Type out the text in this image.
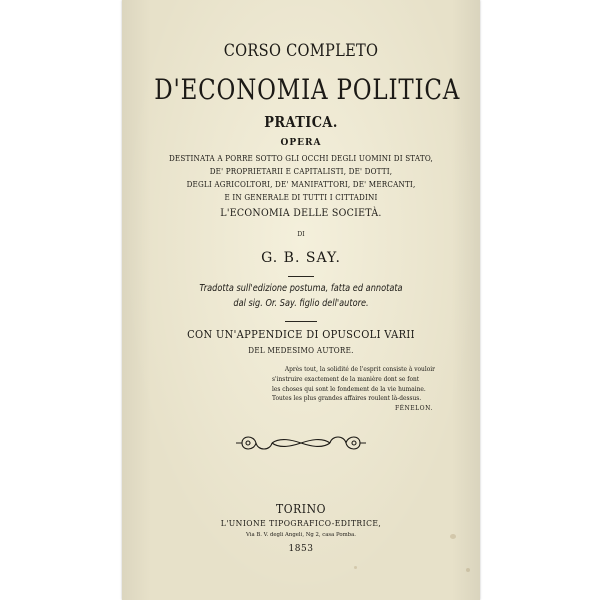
CORSO COMPLETO
D'ECONOMIA POLITICA
PRATICA.
OPERA
DESTINATA A PORRE SOTTO GLI OCCHI DEGLI UOMINI DI STATO,
DE' PROPRIETARII E CAPITALISTI, DE' DOTTI,
DEGLI AGRICOLTORI, DE' MANIFATTORI, DE' MERCANTI,
E IN GENERALE DI TUTTI I CITTADINI
L'ECONOMIA DELLE SOCIETÀ.
DI
G. B. SAY.
Tradotta sull'edizione postuma, fatta ed annotata
dal sig. Or. Say. figlio dell'autore.
CON UN'APPENDICE DI OPUSCOLI VARII
DEL MEDESIMO AUTORE.
Après tout, la solidité de l'esprit consiste à vouloir
s'instruire exactement de la manière dont se font
les choses qui sont le fondement de la vie humaine.
Toutes les plus grandes affaires roulent là-dessus.
FÉNELON.
TORINO
L'UNIONE TIPOGRAFICO-EDITRICE,
Via B. V. degli Angeli, Ng 2, casa Pomba.
1853
